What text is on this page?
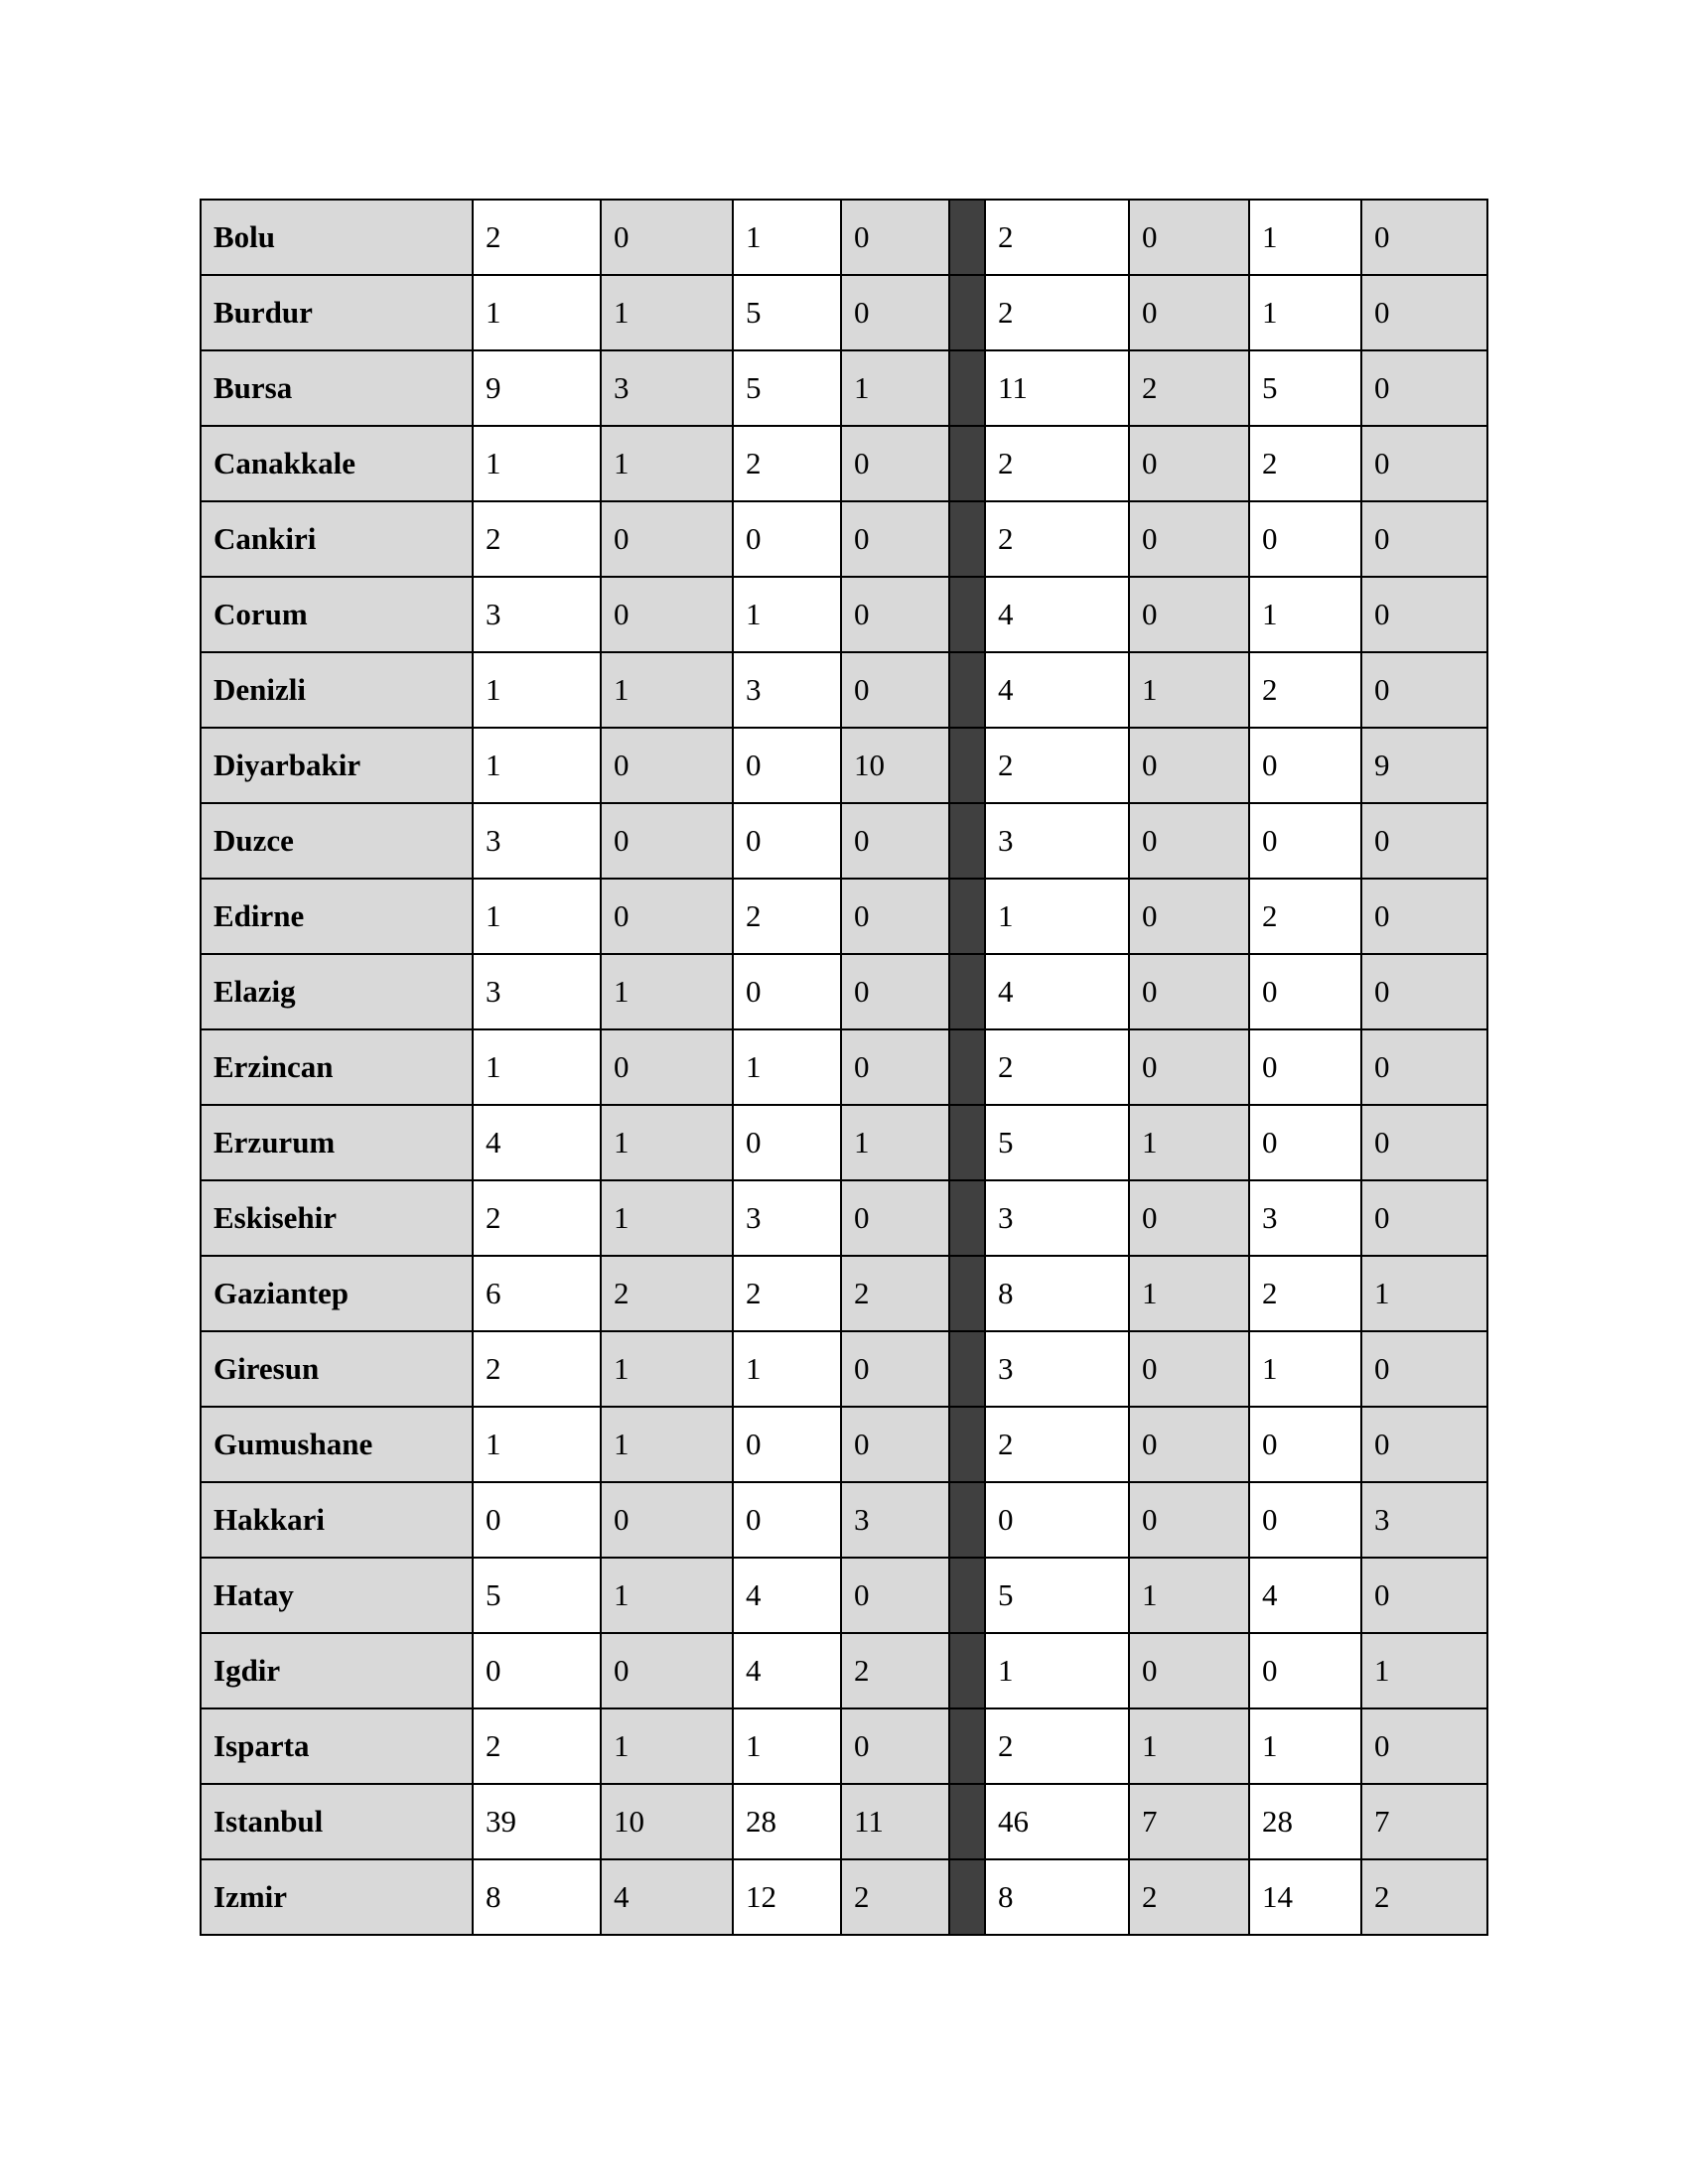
Bolu	2	0	1	0		2	0	1	0
Burdur	1	1	5	0		2	0	1	0
Bursa	9	3	5	1		11	2	5	0
Canakkale	1	1	2	0		2	0	2	0
Cankiri	2	0	0	0		2	0	0	0
Corum	3	0	1	0		4	0	1	0
Denizli	1	1	3	0		4	1	2	0
Diyarbakir	1	0	0	10		2	0	0	9
Duzce	3	0	0	0		3	0	0	0
Edirne	1	0	2	0		1	0	2	0
Elazig	3	1	0	0		4	0	0	0
Erzincan	1	0	1	0		2	0	0	0
Erzurum	4	1	0	1		5	1	0	0
Eskisehir	2	1	3	0		3	0	3	0
Gaziantep	6	2	2	2		8	1	2	1
Giresun	2	1	1	0		3	0	1	0
Gumushane	1	1	0	0		2	0	0	0
Hakkari	0	0	0	3		0	0	0	3
Hatay	5	1	4	0		5	1	4	0
Igdir	0	0	4	2		1	0	0	1
Isparta	2	1	1	0		2	1	1	0
Istanbul	39	10	28	11		46	7	28	7
Izmir	8	4	12	2		8	2	14	2
